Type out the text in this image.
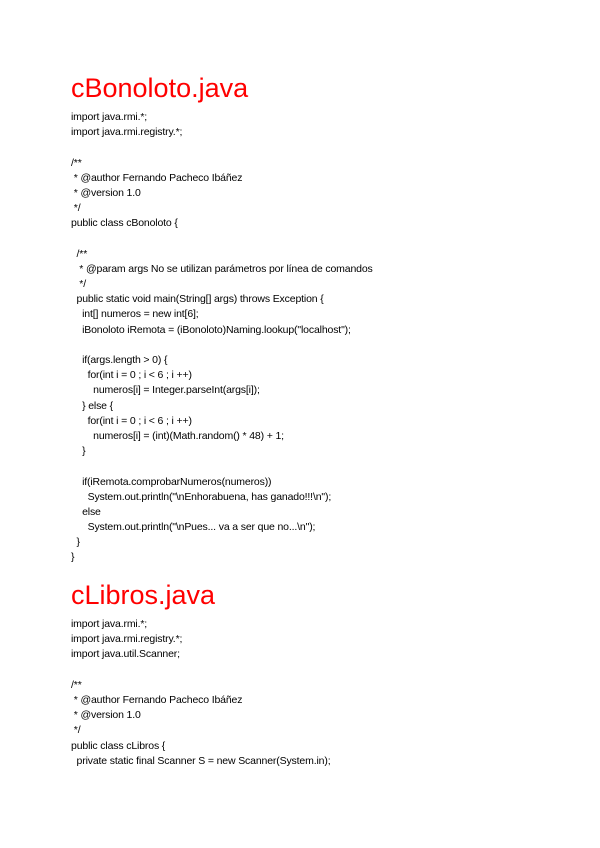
cBonoloto.java
import java.rmi.*;
import java.rmi.registry.*;
/**
* @author Fernando Pacheco Ibáñez
* @version 1.0
*/
public class cBonoloto {
/**
* @param args No se utilizan parámetros por línea de comandos
*/
public static void main(String[] args) throws Exception {
int[] numeros = new int[6];
iBonoloto iRemota = (iBonoloto)Naming.lookup("localhost");
if(args.length > 0) {
for(int i = 0 ; i < 6 ; i ++)
numeros[i] = Integer.parseInt(args[i]);
} else {
for(int i = 0 ; i < 6 ; i ++)
numeros[i] = (int)(Math.random() * 48) + 1;
}
if(iRemota.comprobarNumeros(numeros))
System.out.println("\nEnhorabuena, has ganado!!!\n");
else
System.out.println("\nPues... va a ser que no...\n");
}
}
cLibros.java
import java.rmi.*;
import java.rmi.registry.*;
import java.util.Scanner;
/**
* @author Fernando Pacheco Ibáñez
* @version 1.0
*/
public class cLibros {
private static final Scanner S = new Scanner(System.in);
